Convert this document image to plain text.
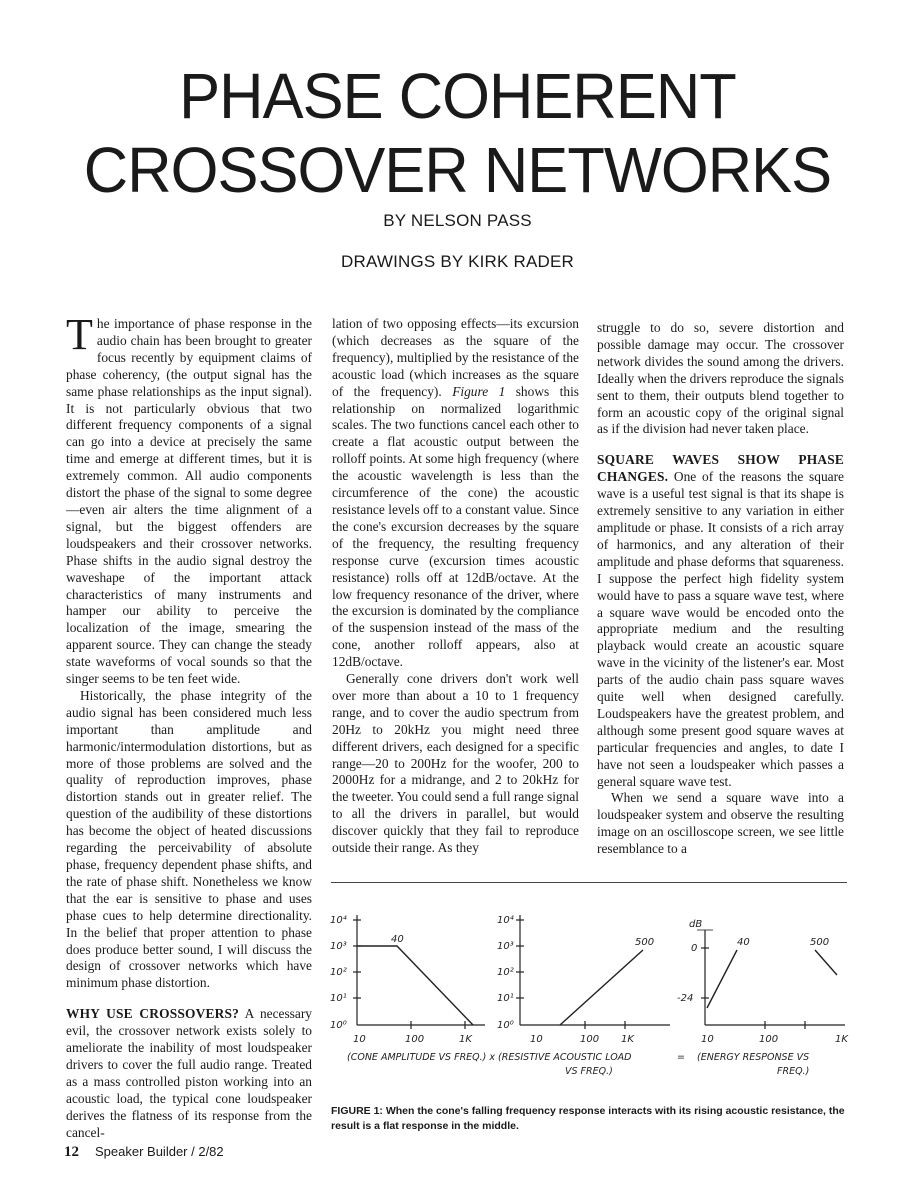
PHASE COHERENT
CROSSOVER NETWORKS
BY NELSON PASS
DRAWINGS BY KIRK RADER

The importance of phase response in the audio chain has been brought to greater focus recently by equipment claims of phase coherency, (the output signal has the same phase relationships as the input signal). It is not particularly obvious that two different frequency components of a signal can go into a device at precisely the same time and emerge at different times, but it is extremely common. All audio components distort the phase of the signal to some degree—even air alters the time alignment of a signal, but the biggest offenders are loudspeakers and their crossover networks. Phase shifts in the audio signal destroy the waveshape of the important attack characteristics of many instruments and hamper our ability to perceive the localization of the image, smearing the apparent source. They can change the steady state waveforms of vocal sounds so that the singer seems to be ten feet wide.

Historically, the phase integrity of the audio signal has been considered much less important than amplitude and harmonic/intermodulation distortions, but as more of those problems are solved and the quality of reproduction improves, phase distortion stands out in greater relief. The question of the audibility of these distortions has become the object of heated discussions regarding the perceivability of absolute phase, frequency dependent phase shifts, and the rate of phase shift. Nonetheless we know that the ear is sensitive to phase and uses phase cues to help determine directionality. In the belief that proper attention to phase does produce better sound, I will discuss the design of crossover networks which have minimum phase distortion.

WHY USE CROSSOVERS? A necessary evil, the crossover network exists solely to ameliorate the inability of most loudspeaker drivers to cover the full audio range. Treated as a mass controlled piston working into an acoustic load, the typical cone loudspeaker derives the flatness of its response from the cancel-

lation of two opposing effects—its excursion (which decreases as the square of the frequency), multiplied by the resistance of the acoustic load (which increases as the square of the frequency). Figure 1 shows this relationship on normalized logarithmic scales. The two functions cancel each other to create a flat acoustic output between the rolloff points. At some high frequency (where the acoustic wavelength is less than the circumference of the cone) the acoustic resistance levels off to a constant value. Since the cone's excursion decreases by the square of the frequency, the resulting frequency response curve (excursion times acoustic resistance) rolls off at 12dB/octave. At the low frequency resonance of the driver, where the excursion is dominated by the compliance of the suspension instead of the mass of the cone, another rolloff appears, also at 12dB/octave.

Generally cone drivers don't work well over more than about a 10 to 1 frequency range, and to cover the audio spectrum from 20Hz to 20kHz you might need three different drivers, each designed for a specific range—20 to 200Hz for the woofer, 200 to 2000Hz for a midrange, and 2 to 20kHz for the tweeter. You could send a full range signal to all the drivers in parallel, but would discover quickly that they fail to reproduce outside their range. As they

struggle to do so, severe distortion and possible damage may occur. The crossover network divides the sound among the drivers. Ideally when the drivers reproduce the signals sent to them, their outputs blend together to form an acoustic copy of the original signal as if the division had never taken place.

SQUARE WAVES SHOW PHASE CHANGES. One of the reasons the square wave is a useful test signal is that its shape is extremely sensitive to any variation in either amplitude or phase. It consists of a rich array of harmonics, and any alteration of their amplitude and phase deforms that squareness. I suppose the perfect high fidelity system would have to pass a square wave test, where a square wave would be encoded onto the appropriate medium and the resulting playback would create an acoustic square wave in the vicinity of the listener's ear. Most parts of the audio chain pass square waves quite well when designed carefully. Loudspeakers have the greatest problem, and although some present good square waves at particular frequencies and angles, to date I have not seen a loudspeaker which passes a general square wave test.

When we send a square wave into a loudspeaker system and observe the resulting image on an oscilloscope screen, we see little resemblance to a

10⁴
10³
10²
10¹
10⁰
10	100	1K
40
10⁴
10³
10²
10¹
10⁰
10	100 1K
500
dB
0
-24
10	100	1K
40	500
(CONE AMPLITUDE VS FREQ.) x (RESISTIVE ACOUSTIC LOAD
VS FREQ.)
= (ENERGY RESPONSE VS
FREQ.)
FIGURE 1: When the cone's falling frequency response interacts with its rising acoustic resistance, the result is a flat response in the middle.
12 Speaker Builder / 2/82
